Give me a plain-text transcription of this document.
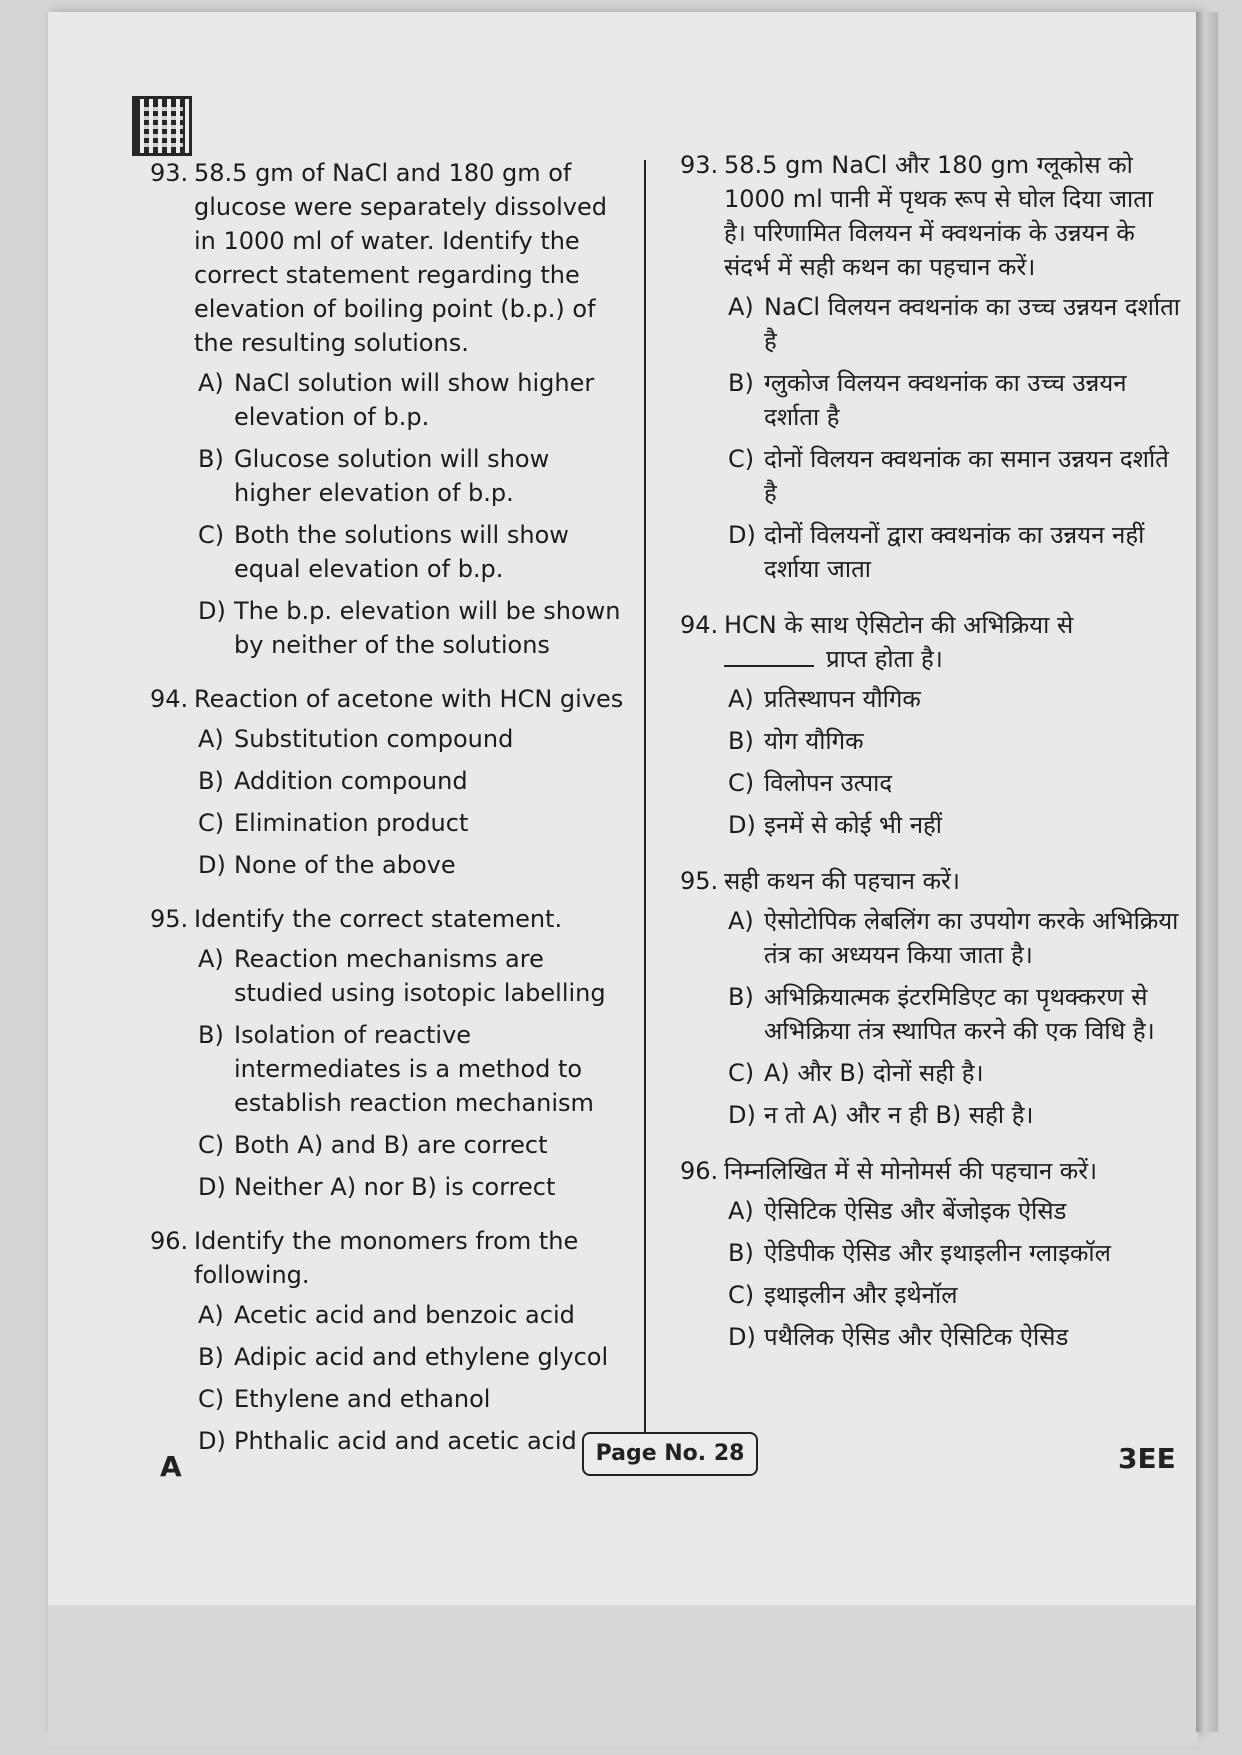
93. 58.5 gm of NaCl and 180 gm of glucose were separately dissolved in 1000 ml of water. Identify the correct statement regarding the elevation of boiling point (b.p.) of the resulting solutions.
A) NaCl solution will show higher elevation of b.p.
B) Glucose solution will show higher elevation of b.p.
C) Both the solutions will show equal elevation of b.p.
D) The b.p. elevation will be shown by neither of the solutions
94. Reaction of acetone with HCN gives
A) Substitution compound
B) Addition compound
C) Elimination product
D) None of the above
95. Identify the correct statement.
A) Reaction mechanisms are studied using isotopic labelling
B) Isolation of reactive intermediates is a method to establish reaction mechanism
C) Both A) and B) are correct
D) Neither A) nor B) is correct
96. Identify the monomers from the following.
A) Acetic acid and benzoic acid
B) Adipic acid and ethylene glycol
C) Ethylene and ethanol
D) Phthalic acid and acetic acid
93. 58.5 gm NaCl और 180 gm ग्लूकोस को 1000 ml पानी में पृथक रूप से घोल दिया जाता है। परिणामित विलयन में क्वथनांक के उन्नयन के संदर्भ में सही कथन का पहचान करें।
A) NaCl विलयन क्वथनांक का उच्च उन्नयन दर्शाता है
B) ग्लुकोज विलयन क्वथनांक का उच्च उन्नयन दर्शाता है
C) दोनों विलयन क्वथनांक का समान उन्नयन दर्शाते है
D) दोनों विलयनों द्वारा क्वथनांक का उन्नयन नहीं दर्शाया जाता
94. HCN के साथ ऐसिटोन की अभिक्रिया से
प्राप्त होता है।
A) प्रतिस्थापन यौगिक
B) योग यौगिक
C) विलोपन उत्पाद
D) इनमें से कोई भी नहीं
95. सही कथन की पहचान करें।
A) ऐसोटोपिक लेबलिंग का उपयोग करके अभिक्रिया तंत्र का अध्ययन किया जाता है।
B) अभिक्रियात्मक इंटरमिडिएट का पृथक्करण से अभिक्रिया तंत्र स्थापित करने की एक विधि है।
C) A) और B) दोनों सही है।
D) न तो A) और न ही B) सही है।
96. निम्नलिखित में से मोनोमर्स की पहचान करें।
A) ऐसिटिक ऐसिड और बेंजोइक ऐसिड
B) ऐडिपीक ऐसिड और इथाइलीन ग्लाइकॉल
C) इथाइलीन और इथेनॉल
D) पथैलिक ऐसिड और ऐसिटिक ऐसिड
A	Page No. 28	3EE
